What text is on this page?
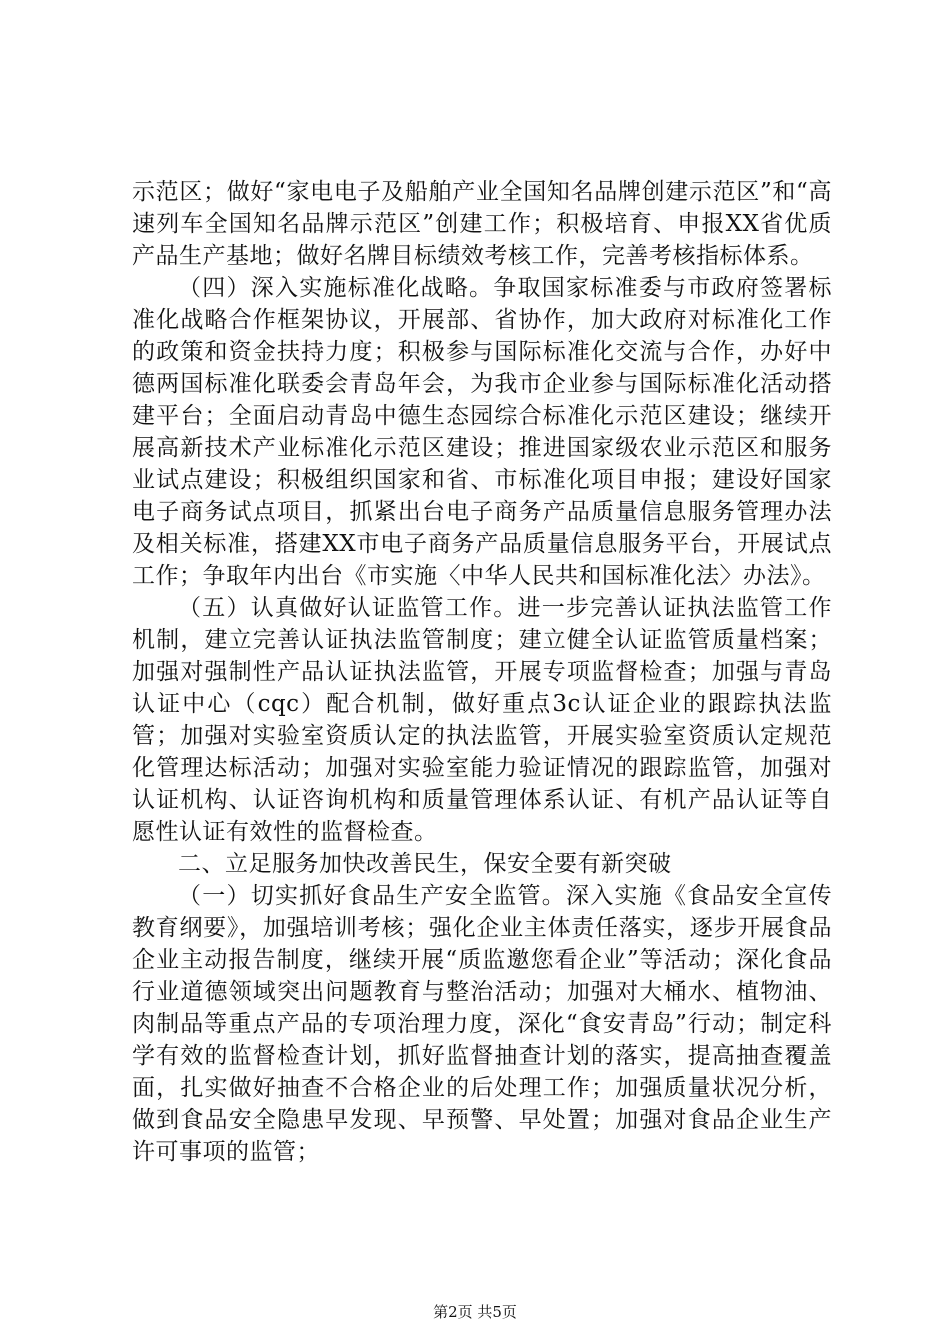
示范区；做好“家电电子及船舶产业全国知名品牌创建示范区”和“高速列车全国知名品牌示范区”创建工作；积极培育、申报XX省优质产品生产基地；做好名牌目标绩效考核工作，完善考核指标体系。

（四）深入实施标准化战略。争取国家标准委与市政府签署标准化战略合作框架协议，开展部、省协作，加大政府对标准化工作的政策和资金扶持力度；积极参与国际标准化交流与合作，办好中德两国标准化联委会青岛年会，为我市企业参与国际标准化活动搭建平台；全面启动青岛中德生态园综合标准化示范区建设；继续开展高新技术产业标准化示范区建设；推进国家级农业示范区和服务业试点建设；积极组织国家和省、市标准化项目申报；建设好国家电子商务试点项目，抓紧出台电子商务产品质量信息服务管理办法及相关标准，搭建XX市电子商务产品质量信息服务平台，开展试点工作；争取年内出台《市实施〈中华人民共和国标准化法〉办法》。

（五）认真做好认证监管工作。进一步完善认证执法监管工作机制，建立完善认证执法监管制度；建立健全认证监管质量档案；加强对强制性产品认证执法监管，开展专项监督检查；加强与青岛认证中心（cqc）配合机制，做好重点3c认证企业的跟踪执法监管；加强对实验室资质认定的执法监管，开展实验室资质认定规范化管理达标活动；加强对实验室能力验证情况的跟踪监管，加强对认证机构、认证咨询机构和质量管理体系认证、有机产品认证等自愿性认证有效性的监督检查。

二、立足服务加快改善民生，保安全要有新突破

（一）切实抓好食品生产安全监管。深入实施《食品安全宣传教育纲要》，加强培训考核；强化企业主体责任落实，逐步开展食品企业主动报告制度，继续开展“质监邀您看企业”等活动；深化食品行业道德领域突出问题教育与整治活动；加强对大桶水、植物油、肉制品等重点产品的专项治理力度，深化“食安青岛”行动；制定科学有效的监督检查计划，抓好监督抽查计划的落实，提高抽查覆盖面，扎实做好抽查不合格企业的后处理工作；加强质量状况分析，做到食品安全隐患早发现、早预警、早处置；加强对食品企业生产许可事项的监管；

第2页 共5页
